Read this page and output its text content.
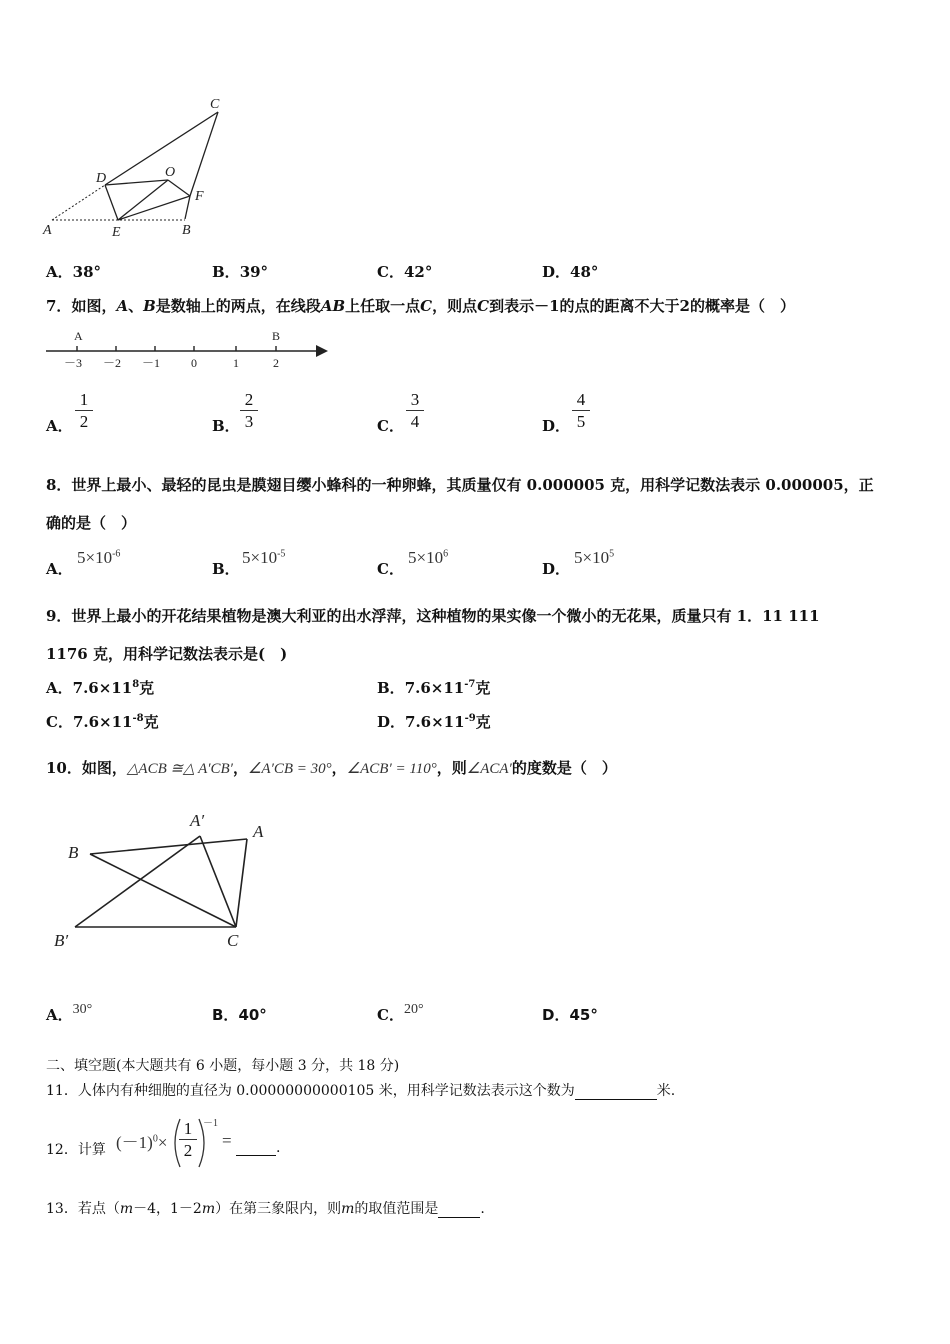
A	B
C
D
E
F
O
A．38°	B．39°	C．42°	D．48°
7．如图，A、B是数轴上的两点，在线段AB上任取一点C，则点C到表示－1的点的距离不大于2的概率是（　）
A	B
－3 －2 －1	0	1	2
A． $\frac{1}{2}$	B． $\frac{2}{3}$	C． $\frac{3}{4}$	D． $\frac{4}{5}$
8．世界上最小、最轻的昆虫是膜翅目缨小蜂科的一种卵蜂，其质量仅有 0.000005 克，用科学记数法表示 0.000005，正
确的是（　）
A．
$5\times 10^{-6}$
B．
$5\times 10^{-5}$
C．
$5\times 10^6$
D．
$5\times 10^5$
9．世界上最小的开花结果植物是澳大利亚的出水浮萍，这种植物的果实像一个微小的无花果，质量只有 1．11 111
1176 克，用科学记数法表示是(　)
A．$7.6\times 11^8$克	B．$7.6\times 11^{-7}$克
C．$7.6\times 11^{-8}$克	D．$7.6\times 11^{-9}$克
10．如图，△ACB ≅△ A′CB′，∠A′CB = 30°，∠ACB′ = 110°，则∠ACA′的度数是（　）
B
A′
A
B′	C
A．30°	B．40°	C．20°	D．45°
二、填空题(本大题共有 6 小题，每小题 3 分，共 18 分)
11．人体内有种细胞的直径为 0.00000000000105 米，用科学记数法表示这个数为	米.
12．计算 $(-1)^0\times \frac{1}{2} -1$
=	.
13．若点（m－4，1－2m）在第三象限内，则m的取值范围是	.
